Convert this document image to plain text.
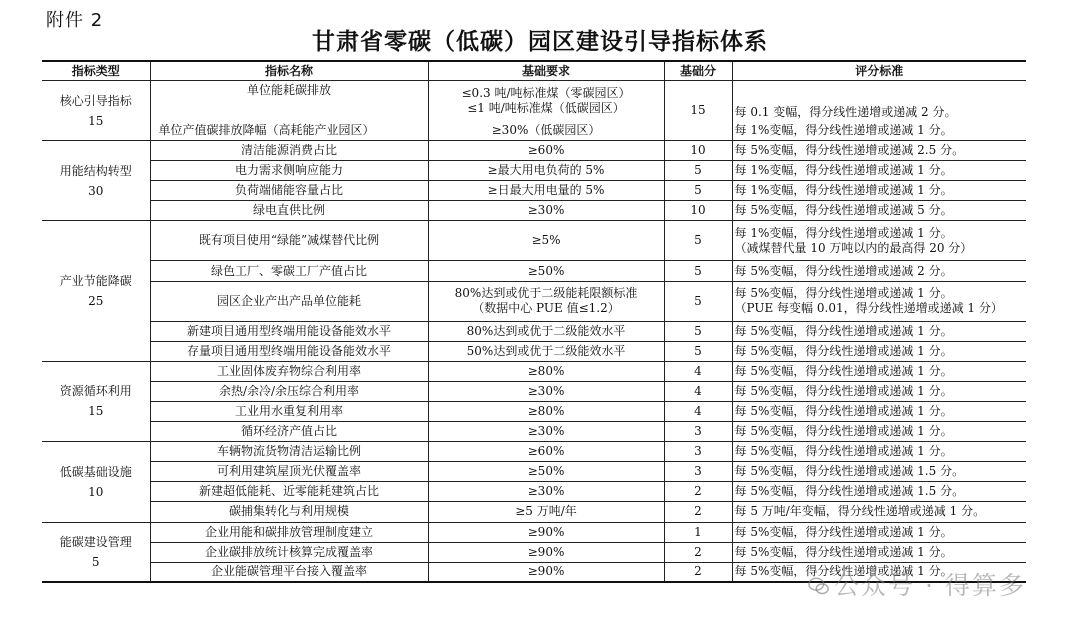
附件 2
甘肃省零碳（低碳）园区建设引导指标体系
指标类型	指标名称	基础要求	基础分	评分标准

核心引导指标
15	单位能耗碳排放	≤0.3 吨/吨标准煤（零碳园区）
≤1 吨/吨标准煤（低碳园区）	15	每 0.1 变幅，得分线性递增或递减 2 分。

	单位产值碳排放降幅（高耗能产业园区）	≥30%（低碳园区）		每 1%变幅，得分线性递增或递减 1 分。

用能结构转型
30	清洁能源消费占比	≥60%	10	每 5%变幅，得分线性递增或递减 2.5 分。

	电力需求侧响应能力	≥最大用电负荷的 5%	5	每 1%变幅，得分线性递增或递减 1 分。

	负荷端储能容量占比	≥日最大用电量的 5%	5	每 1%变幅，得分线性递增或递减 1 分。

	绿电直供比例	≥30%	10	每 5%变幅，得分线性递增或递减 5 分。

产业节能降碳
25	既有项目使用“绿能”减煤替代比例	≥5%	5	每 1%变幅，得分线性递增或递减 1 分。
（减煤替代量 10 万吨以内的最高得 20 分）

	绿色工厂、零碳工厂产值占比	≥50%	5	每 5%变幅，得分线性递增或递减 2 分。

	园区企业产出产品单位能耗	80%达到或优于二级能耗限额标准
（数据中心 PUE 值≤1.2）	5	每 5%变幅，得分线性递增或递减 1 分。
（PUE 每变幅 0.01，得分线性递增或递减 1 分）

	新建项目通用型终端用能设备能效水平	80%达到或优于二级能效水平	5	每 5%变幅，得分线性递增或递减 1 分。

	存量项目通用型终端用能设备能效水平	50%达到或优于二级能效水平	5	每 5%变幅，得分线性递增或递减 1 分。

资源循环利用
15	工业固体废弃物综合利用率	≥80%	4	每 5%变幅，得分线性递增或递减 1 分。

	余热/余冷/余压综合利用率	≥30%	4	每 5%变幅，得分线性递增或递减 1 分。

	工业用水重复利用率	≥80%	4	每 5%变幅，得分线性递增或递减 1 分。

	循环经济产值占比	≥30%	3	每 5%变幅，得分线性递增或递减 1 分。

低碳基础设施
10	车辆物流货物清洁运输比例	≥60%	3	每 5%变幅，得分线性递增或递减 1 分。

	可利用建筑屋顶光伏覆盖率	≥50%	3	每 5%变幅，得分线性递增或递减 1.5 分。

	新建超低能耗、近零能耗建筑占比	≥30%	2	每 5%变幅，得分线性递增或递减 1.5 分。

	碳捕集转化与利用规模	≥5 万吨/年	2	每 5 万吨/年变幅，得分线性递增或递减 1 分。

能碳建设管理
5	企业用能和碳排放管理制度建立	≥90%	1	每 5%变幅，得分线性递增或递减 1 分。

	企业碳排放统计核算完成覆盖率	≥90%	2	每 5%变幅，得分线性递增或递减 1 分。

	企业能碳管理平台接入覆盖率	≥90%	2	每 5%变幅，得分线性递增或递减 1 分。
公众号 · 得算多
